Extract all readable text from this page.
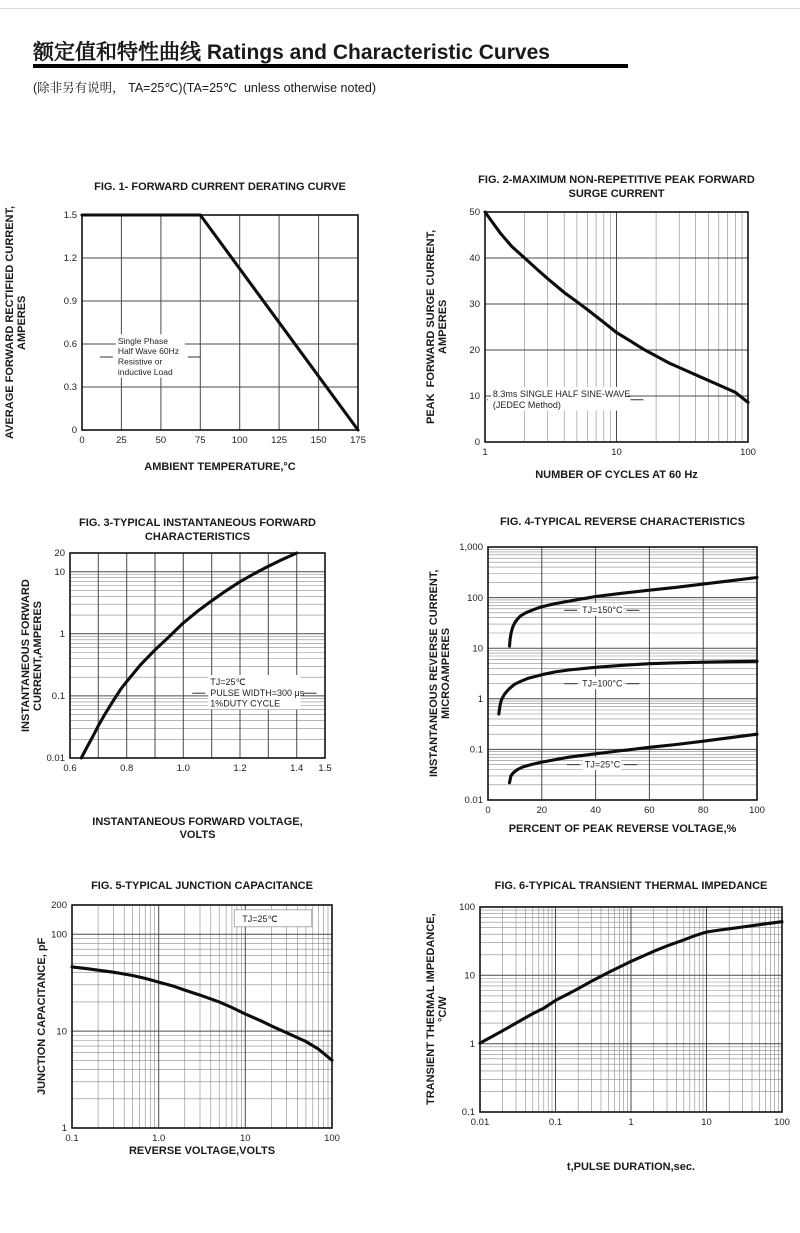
额定值和特性曲线 Ratings and Characteristic Curves
(除非另有说明， TA=25℃)(TA=25℃  unless otherwise noted)
0	25	50	75	100 125 150 175
0
0.3
0.6
0.9
1.2
1.5
Single Phase
Half Wave 60Hz
Resistive or
inductive Load
FIG. 1- FORWARD CURRENT DERATING CURVE
AVERAGE FORWARD RECTIFIED CURRENT,
AMPERES
AMBIENT TEMPERATURE,°C
1	10	100
0
10
20
30
40
50
8.3ms SINGLE HALF SINE-WAVE
(JEDEC Method)
FIG. 2-MAXIMUM NON-REPETITIVE PEAK FORWARD
SURGE CURRENT
PEAK  FORWARD SURGE CURRENT,
AMPERES
NUMBER OF CYCLES AT 60 Hz
0.6	0.8	1.0	1.2	1.4 1.5
0.01
0.1
1
10
20
TJ=25℃
PULSE WIDTH=300 μs
1%DUTY CYCLE
FIG. 3-TYPICAL INSTANTANEOUS FORWARD
CHARACTERISTICS
INSTANTANEOUS FORWARD
CURRENT,AMPERES
INSTANTANEOUS FORWARD VOLTAGE,
VOLTS
0	20	40	60	80	100
0.01
0.1
1
10
100
1,000
TJ=150°C
TJ=100°C
TJ=25°C
FIG. 4-TYPICAL REVERSE CHARACTERISTICS
INSTANTANEOUS REVERSE CURRENT,
MICROAMPERES
PERCENT OF PEAK REVERSE VOLTAGE,%
0.1	1.0	10	100
1
10
100
200
TJ=25℃
FIG. 5-TYPICAL JUNCTION CAPACITANCE
JUNCTION CAPACITANCE, pF
REVERSE VOLTAGE,VOLTS
0.01	0.1	1	10	100
0.1
1
10
100
FIG. 6-TYPICAL TRANSIENT THERMAL IMPEDANCE
TRANSIENT THERMAL IMPEDANCE,
°C/W
t,PULSE DURATION,sec.
